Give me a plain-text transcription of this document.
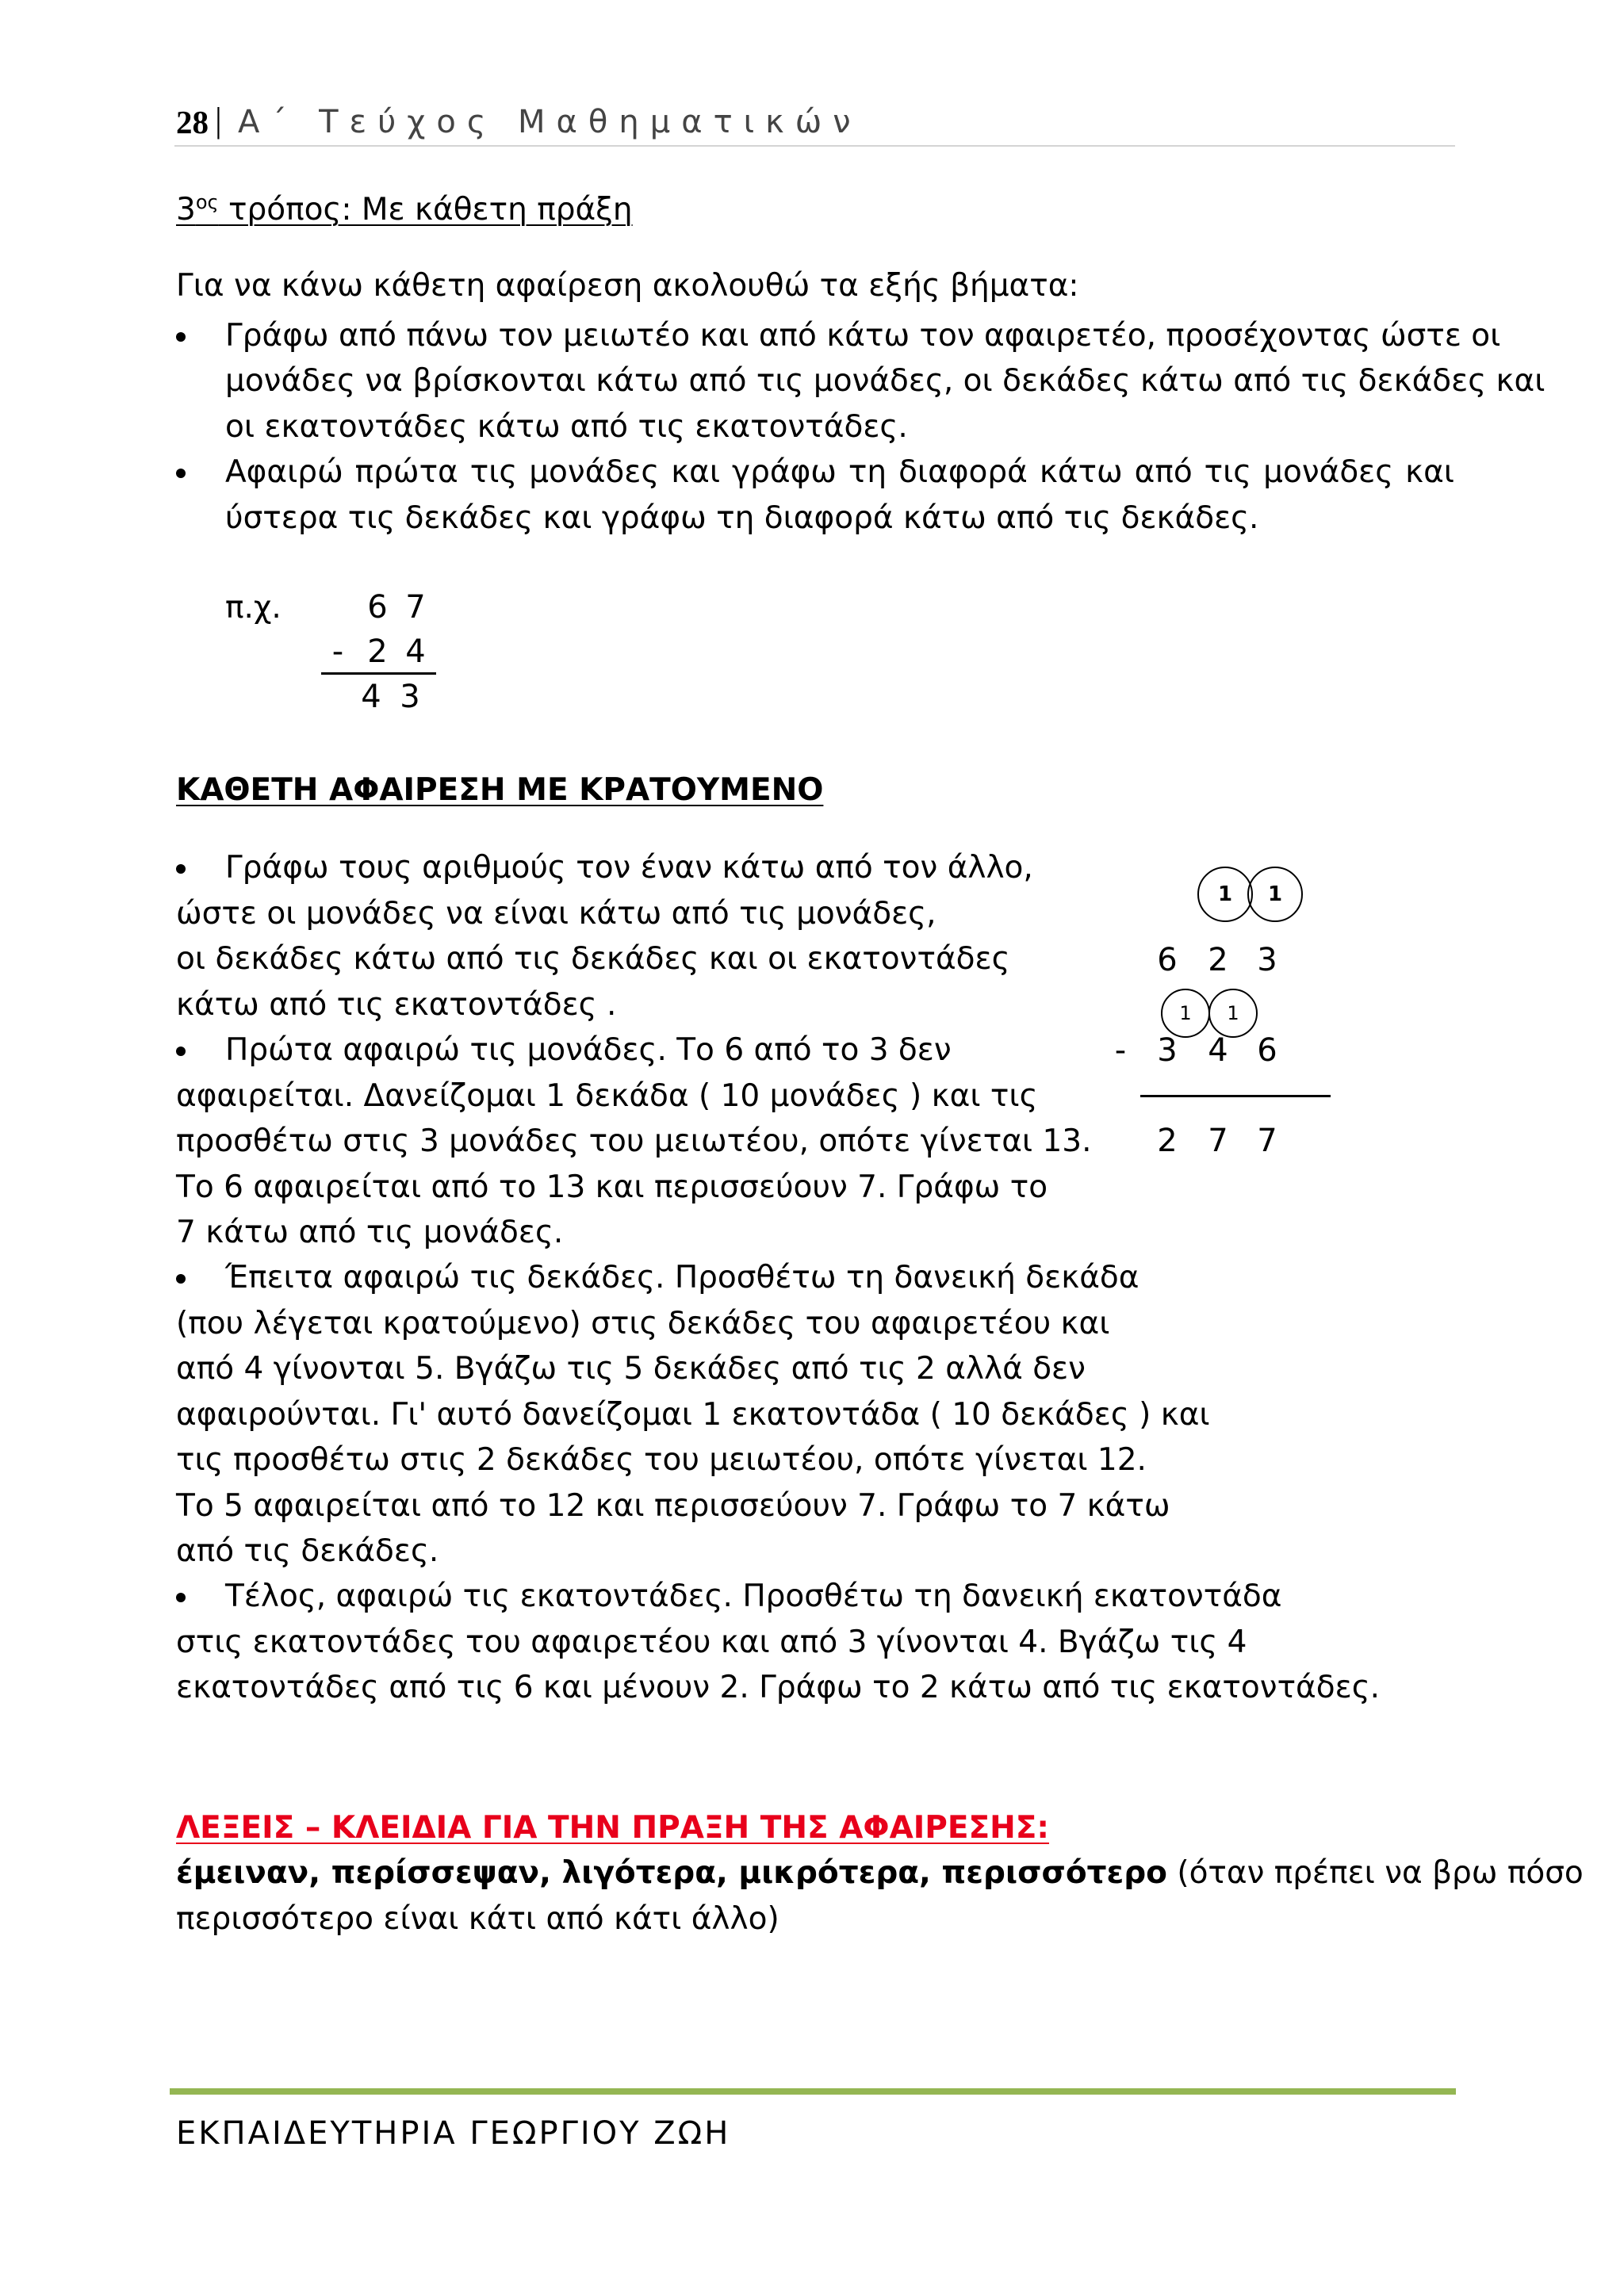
28 | Α΄ Τεύχος Μαθηματικών
$3^{o\varsigma}$ τρόπος: Με κάθετη πράξη
Για να κάνω κάθετη αφαίρεση ακολουθώ τα εξής βήματα:
Γράφω από πάνω τον μειωτέο και από κάτω τον αφαιρετέο, προσέχοντας ώστε οι
μονάδες να βρίσκονται κάτω από τις μονάδες, οι δεκάδες κάτω από τις δεκάδες και
οι εκατοντάδες κάτω από τις εκατοντάδες.
Αφαιρώ πρώτα τις μονάδες και γράφω τη διαφορά κάτω από τις μονάδες και
ύστερα τις δεκάδες και γράφω τη διαφορά κάτω από τις δεκάδες.
π.χ.	6 7
- 2 4
4 3
ΚΑΘΕΤΗ ΑΦΑΙΡΕΣΗ ΜΕ ΚΡΑΤΟΥΜΕΝΟ
Γράφω τους αριθμούς τον έναν κάτω από τον άλλο,
ώστε οι μονάδες να είναι κάτω από τις μονάδες,
οι δεκάδες κάτω από τις δεκάδες και οι εκατοντάδες
κάτω από τις εκατοντάδες .
Πρώτα αφαιρώ τις μονάδες. Το 6 από το 3 δεν
αφαιρείται. Δανείζομαι 1 δεκάδα ( 10 μονάδες ) και τις
προσθέτω στις 3 μονάδες του μειωτέου, οπότε γίνεται 13.
Το 6 αφαιρείται από το 13 και περισσεύουν 7. Γράφω το
7 κάτω από τις μονάδες.
Έπειτα αφαιρώ τις δεκάδες. Προσθέτω τη δανεική δεκάδα
(που λέγεται κρατούμενο) στις δεκάδες του αφαιρετέου και
από 4 γίνονται 5. Βγάζω τις 5 δεκάδες από τις 2 αλλά δεν
αφαιρούνται. Γι' αυτό δανείζομαι 1 εκατοντάδα ( 10 δεκάδες ) και
τις προσθέτω στις 2 δεκάδες του μειωτέου, οπότε γίνεται 12.
Το 5 αφαιρείται από το 12 και περισσεύουν 7. Γράφω το 7 κάτω
από τις δεκάδες.
Τέλος, αφαιρώ τις εκατοντάδες. Προσθέτω τη δανεική εκατοντάδα
στις εκατοντάδες του αφαιρετέου και από 3 γίνονται 4. Βγάζω τις 4
εκατοντάδες από τις 6 και μένουν 2. Γράφω το 2 κάτω από τις εκατοντάδες.
1	1
6 2 3
1	1
- 3 4 6
2 7 7
ΛΕΞΕΙΣ – ΚΛΕΙΔΙΑ ΓΙΑ ΤΗΝ ΠΡΑΞΗ ΤΗΣ ΑΦΑΙΡΕΣΗΣ:
έμειναν, περίσσεψαν, λιγότερα, μικρότερα, περισσότερο (όταν πρέπει να βρω πόσο
περισσότερο είναι κάτι από κάτι άλλο)
ΕΚΠΑΙΔΕΥΤΗΡΙΑ ΓΕΩΡΓΙΟΥ ΖΩΗ
